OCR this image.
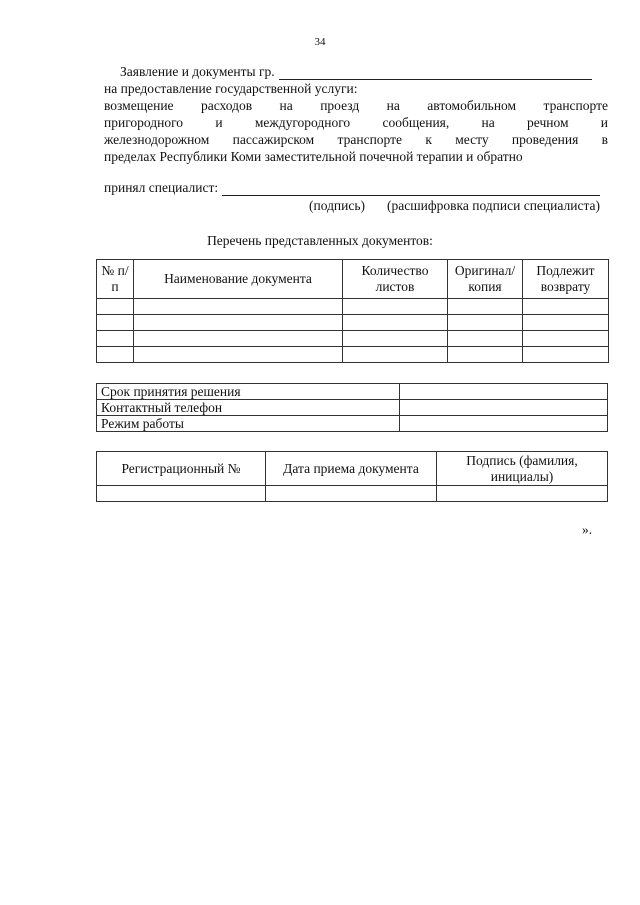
34
Заявление и документы гр.
на предоставление государственной услуги:
возмещение расходов на проезд на автомобильном транспорте
пригородного и междугородного сообщения, на речном и
железнодорожном пассажирском транспорте к месту проведения в
пределах Республики Коми заместительной почечной терапии и обратно
принял специалист:
(подпись) (расшифровка подписи специалиста)
Перечень представленных документов:
№ п/п	Наименование документа	Количество листов	Оригинал/ копия	Подлежит возврату

Срок принятия решения	
Контактный телефон	
Режим работы	
Регистрационный №	Дата приема документа	Подпись (фамилия, инициалы)

».
